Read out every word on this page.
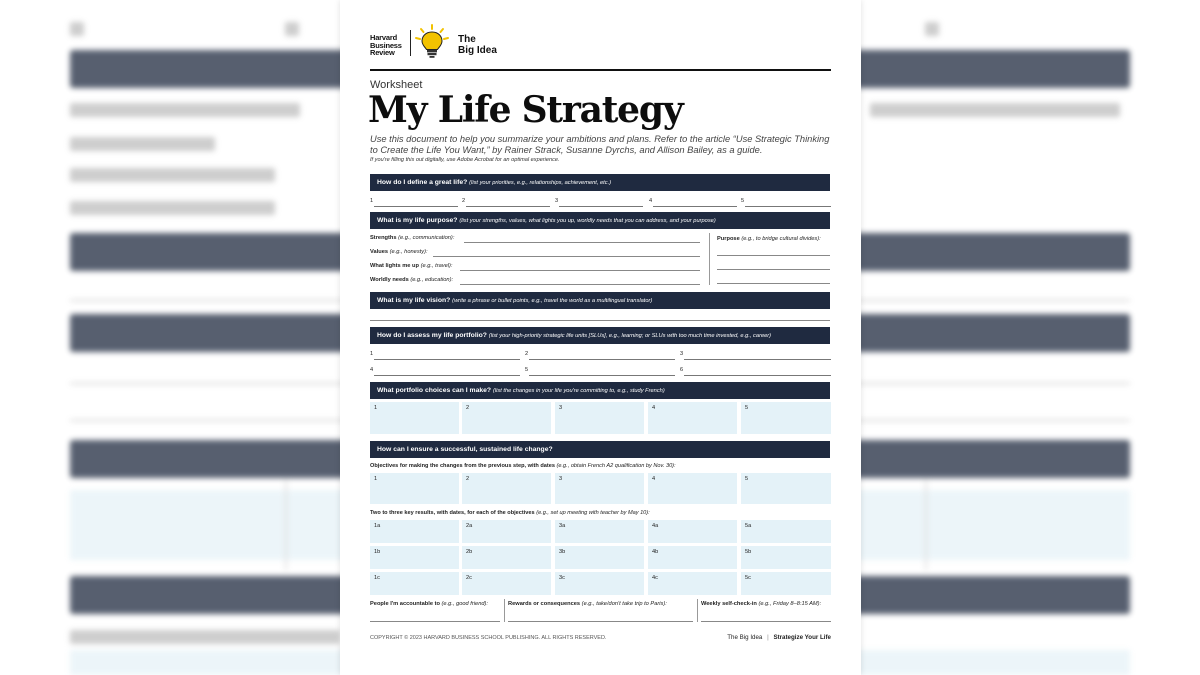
Harvard
Business
Review
The
Big Idea
Worksheet
My Life Strategy
Use this document to help you summarize your ambitions and plans. Refer to the article “Use Strategic Thinking to Create the Life You Want,” by Rainer Strack, Susanne Dyrchs, and Allison Bailey, as a guide.
If you're filling this out digitally, use Adobe Acrobat for an optimal experience.
How do I define a great life? (list your priorities, e.g., relationships, achievement, etc.)
1	2	3	4	5
What is my life purpose? (list your strengths, values, what lights you up, worldly needs that you can address, and your purpose)
Strengths (e.g., communication):
Values (e.g., honesty):
What lights me up (e.g., travel):
Worldly needs (e.g., education):
Purpose (e.g., to bridge cultural divides):
What is my life vision? (write a phrase or bullet points, e.g., travel the world as a multilingual translator)
How do I assess my life portfolio? (list your high-priority strategic life units [SLUs], e.g., learning; or SLUs with too much time invested, e.g., career)
1	2	3
4	5	6
What portfolio choices can I make? (list the changes in your life you're committing to, e.g., study French)
1	2	3	4	5
How can I ensure a successful, sustained life change?
Objectives for making the changes from the previous step, with dates (e.g., obtain French A2 qualification by Nov. 30):
1	2	3	4	5
Two to three key results, with dates, for each of the objectives (e.g., set up meeting with teacher by May 10):
1a	2a	3a	4a	5a
1b	2b	3b	4b	5b
1c	2c	3c	4c	5c
People I'm accountable to (e.g., good friend):	Rewards or consequences (e.g., take/don't take trip to Paris):	Weekly self-check-in (e.g., Friday 8–8:15 AM):
COPYRIGHT © 2023 HARVARD BUSINESS SCHOOL PUBLISHING. ALL RIGHTS RESERVED.	The Big Idea | Strategize Your Life
